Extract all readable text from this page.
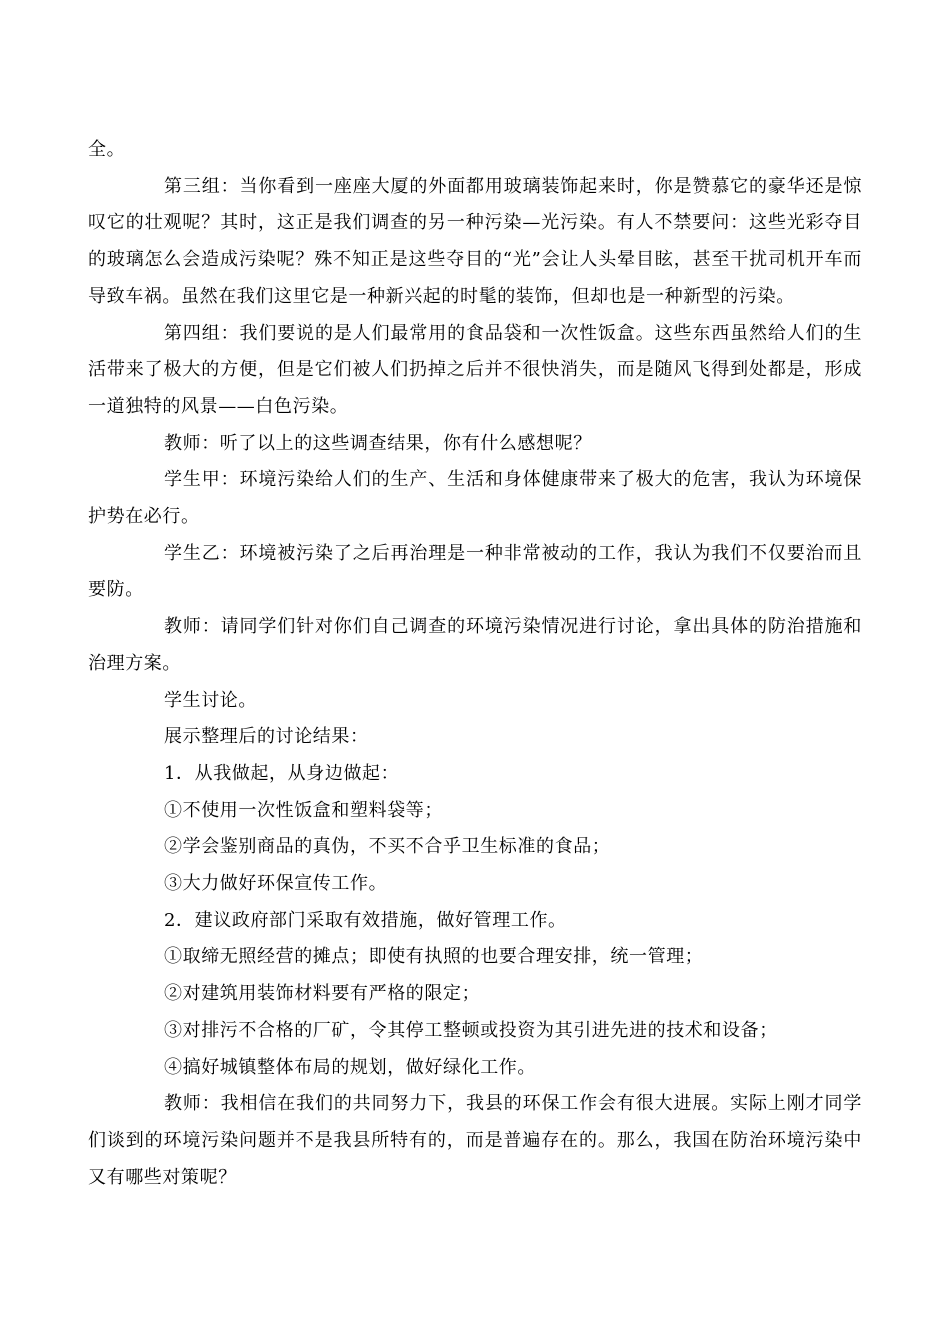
全。

第三组：当你看到一座座大厦的外面都用玻璃装饰起来时，你是赞慕它的豪华还是惊叹它的壮观呢？其时，这正是我们调查的另一种污染—光污染。有人不禁要问：这些光彩夺目的玻璃怎么会造成污染呢？殊不知正是这些夺目的“光”会让人头晕目眩，甚至干扰司机开车而导致车祸。虽然在我们这里它是一种新兴起的时髦的装饰，但却也是一种新型的污染。

第四组：我们要说的是人们最常用的食品袋和一次性饭盒。这些东西虽然给人们的生活带来了极大的方便，但是它们被人们扔掉之后并不很快消失，而是随风飞得到处都是，形成一道独特的风景——白色污染。

教师：听了以上的这些调查结果，你有什么感想呢？

学生甲：环境污染给人们的生产、生活和身体健康带来了极大的危害，我认为环境保护势在必行。

学生乙：环境被污染了之后再治理是一种非常被动的工作，我认为我们不仅要治而且要防。

教师：请同学们针对你们自己调查的环境污染情况进行讨论，拿出具体的防治措施和治理方案。

学生讨论。

展示整理后的讨论结果：

1．从我做起，从身边做起：

①不使用一次性饭盒和塑料袋等；

②学会鉴别商品的真伪，不买不合乎卫生标准的食品；

③大力做好环保宣传工作。

2．建议政府部门采取有效措施，做好管理工作。

①取缔无照经营的摊点；即使有执照的也要合理安排，统一管理；

②对建筑用装饰材料要有严格的限定；

③对排污不合格的厂矿，令其停工整顿或投资为其引进先进的技术和设备；

④搞好城镇整体布局的规划，做好绿化工作。

教师：我相信在我们的共同努力下，我县的环保工作会有很大进展。实际上刚才同学们谈到的环境污染问题并不是我县所特有的，而是普遍存在的。那么，我国在防治环境污染中又有哪些对策呢？
